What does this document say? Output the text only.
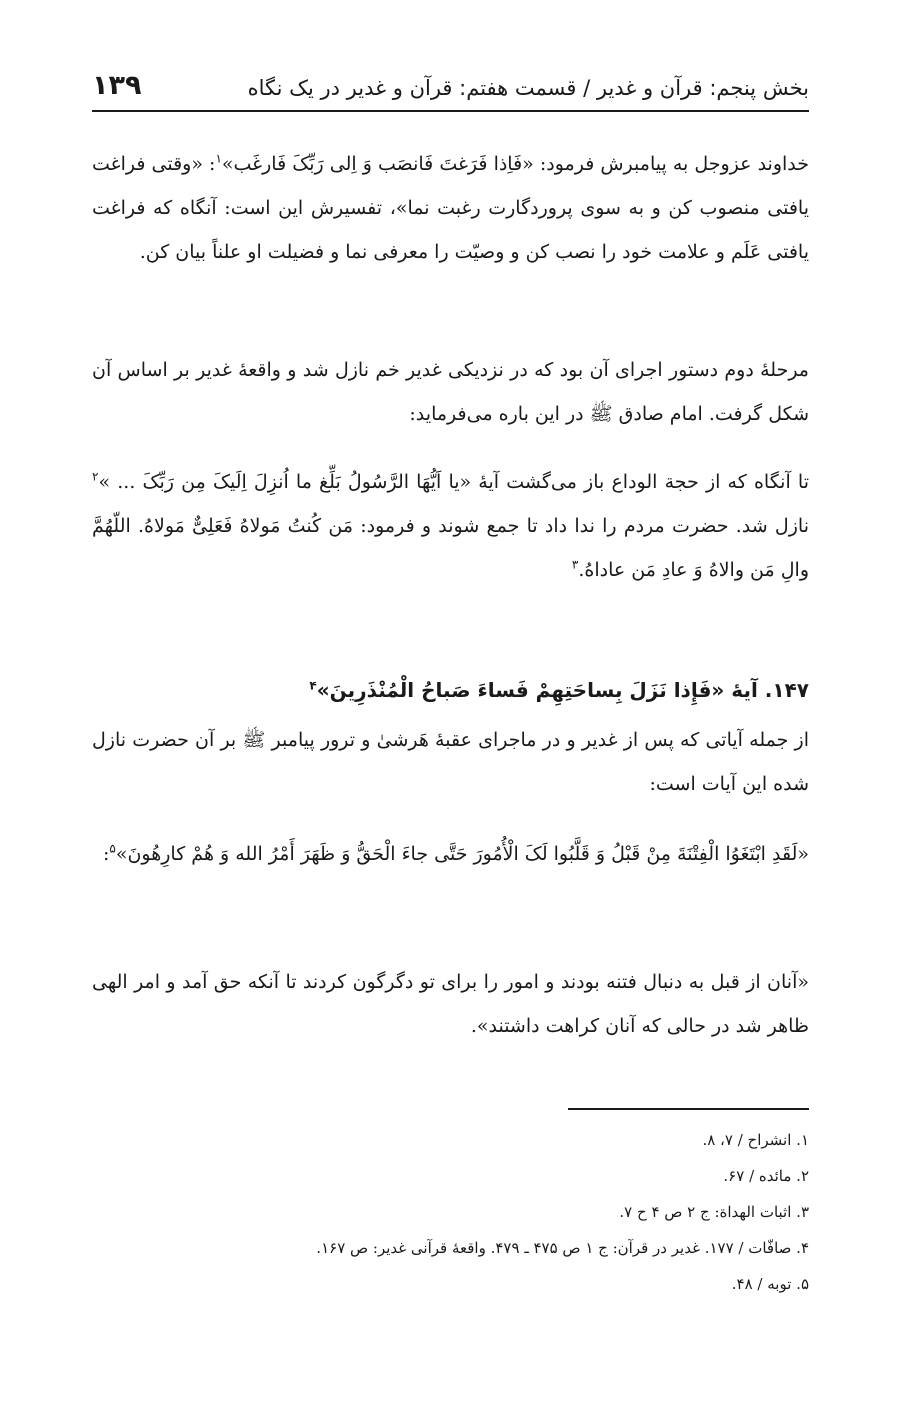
بخش پنجم: قرآن و غدیر / قسمت هفتم: قرآن و غدیر در یک نگاه
۱۳۹

خداوند عزوجل به پیامبرش فرمود: «فَاِذا فَرَغتَ فَانصَب وَ اِلی رَبِّکَ فَارغَب»$^۱$: «وقتی فراغت یافتی منصوب کن و به سوی پروردگارت رغبت نما»، تفسیرش این است: آنگاه که فراغت یافتی عَلَم و علامت خود را نصب کن و وصیّت را معرفی نما و فضیلت او علناً بیان کن.

مرحلهٔ دوم دستور اجرای آن بود که در نزدیکی غدیر خم نازل شد و واقعهٔ غدیر بر اساس آن شکل گرفت. امام صادق ﷺ در این باره می‌فرماید:

تا آنگاه که از حجة الوداع باز می‌گشت آیهٔ «یا اَیُّهَا الرَّسُولُ بَلِّغ ما اُنزِلَ اِلَیکَ مِن رَبِّکَ ... »$^۲$ نازل شد. حضرت مردم را ندا داد تا جمع شوند و فرمود: مَن کُنتُ مَولاهُ فَعَلِیٌّ مَولاهُ. اللّهُمَّ والِ مَن والاهُ وَ عادِ مَن عاداهُ.$^۳$

۱۴۷. آیهٔ «فَإِذا نَزَلَ بِساحَتِهِمْ فَساءَ صَباحُ الْمُنْذَرِینَ»$^۴$

از جمله آیاتی که پس از غدیر و در ماجرای عقبهٔ هَرشیٰ و ترور پیامبر ﷺ بر آن حضرت نازل شده این آیات است:

«لَقَدِ ابْتَغَوُا الْفِتْنَةَ مِنْ قَبْلُ وَ قَلَّبُوا لَکَ الْأُمُورَ حَتَّى جاءَ الْحَقُّ وَ ظَهَرَ أَمْرُ الله وَ هُمْ کارِهُونَ»$^۵$:

«آنان از قبل به دنبال فتنه بودند و امور را برای تو دگرگون کردند تا آنکه حق آمد و امر الهی ظاهر شد در حالی که آنان کراهت داشتند».

۱. انشراح / ۷، ۸.
۲. مائده / ۶۷.
۳. اثبات الهداة: ج ۲ ص ۴ ح ۷.
۴. صافّات / ۱۷۷. غدیر در قرآن: ج ۱ ص ۴۷۵ ـ ۴۷۹. واقعهٔ قرآنی غدیر: ص ۱۶۷.
۵. توبه / ۴۸.
